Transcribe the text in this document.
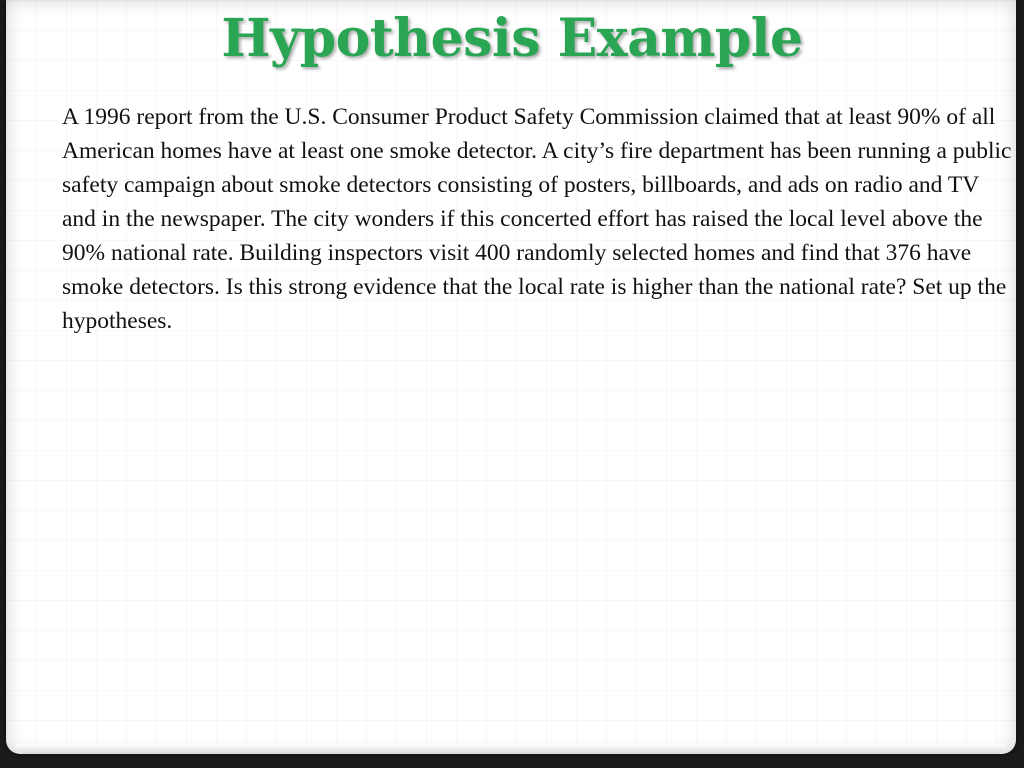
Hypothesis Example

A 1996 report from the U.S. Consumer Product Safety Commission claimed that at least 90% of all American homes have at least one smoke detector. A city’s fire department has been running a public safety campaign about smoke detectors consisting of posters, billboards, and ads on radio and TV and in the newspaper. The city wonders if this concerted effort has raised the local level above the 90% national rate. Building inspectors visit 400 randomly selected homes and find that 376 have smoke detectors. Is this strong evidence that the local rate is higher than the national rate? Set up the hypotheses.
